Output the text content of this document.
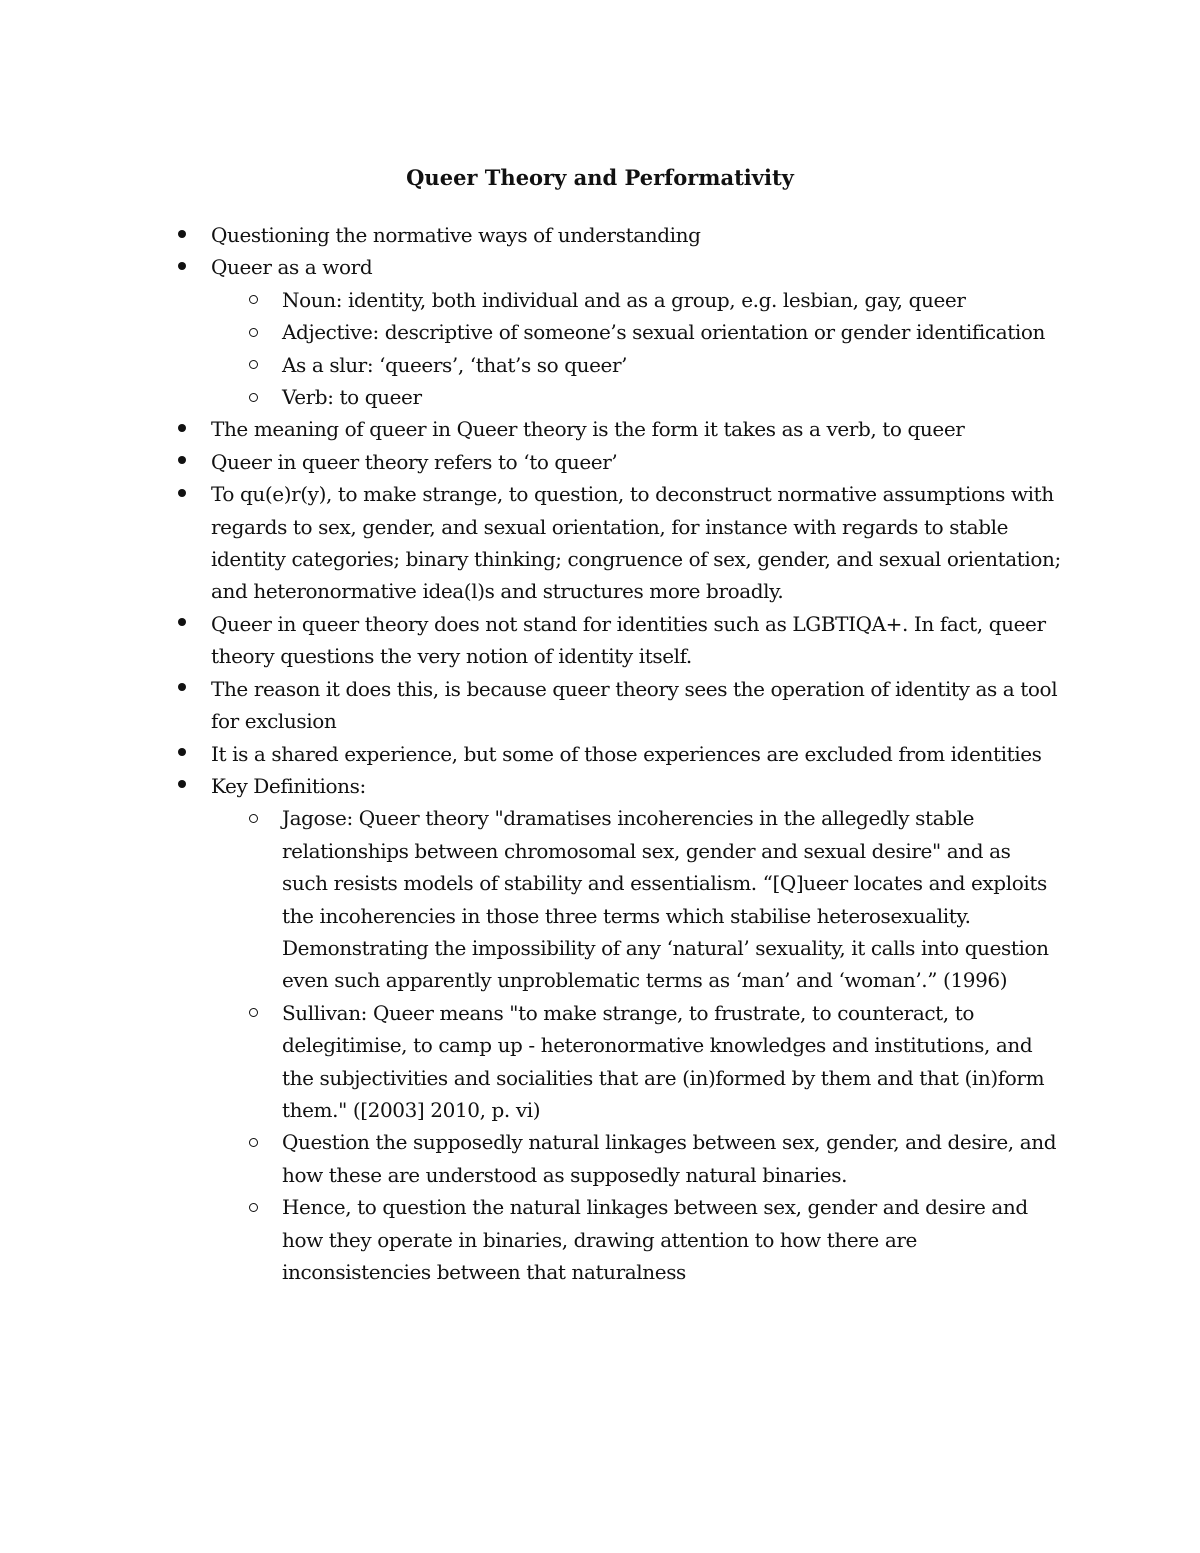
Queer Theory and Performativity
Questioning the normative ways of understanding
Queer as a word
Noun: identity, both individual and as a group, e.g. lesbian, gay, queer
Adjective: descriptive of someone’s sexual orientation or gender identification
As a slur: ‘queers’, ‘that’s so queer’
Verb: to queer
The meaning of queer in Queer theory is the form it takes as a verb, to queer
Queer in queer theory refers to ‘to queer’
To qu(e)r(y), to make strange, to question, to deconstruct normative assumptions with regards to sex, gender, and sexual orientation, for instance with regards to stable identity categories; binary thinking; congruence of sex, gender, and sexual orientation; and heteronormative idea(l)s and structures more broadly.
Queer in queer theory does not stand for identities such as LGBTIQA+. In fact, queer theory questions the very notion of identity itself.
The reason it does this, is because queer theory sees the operation of identity as a tool for exclusion
It is a shared experience, but some of those experiences are excluded from identities
Key Definitions:
Jagose: Queer theory "dramatises incoherencies in the allegedly stable relationships between chromosomal sex, gender and sexual desire" and as such resists models of stability and essentialism. “[Q]ueer locates and exploits the incoherencies in those three terms which stabilise heterosexuality. Demonstrating the impossibility of any ‘natural’ sexuality, it calls into question even such apparently unproblematic terms as ‘man’ and ‘woman’.” (1996)
Sullivan: Queer means "to make strange, to frustrate, to counteract, to delegitimise, to camp up - heteronormative knowledges and institutions, and the subjectivities and socialities that are (in)formed by them and that (in)form them." ([2003] 2010, p. vi)
Question the supposedly natural linkages between sex, gender, and desire, and how these are understood as supposedly natural binaries.
Hence, to question the natural linkages between sex, gender and desire and how they operate in binaries, drawing attention to how there are inconsistencies between that naturalness
